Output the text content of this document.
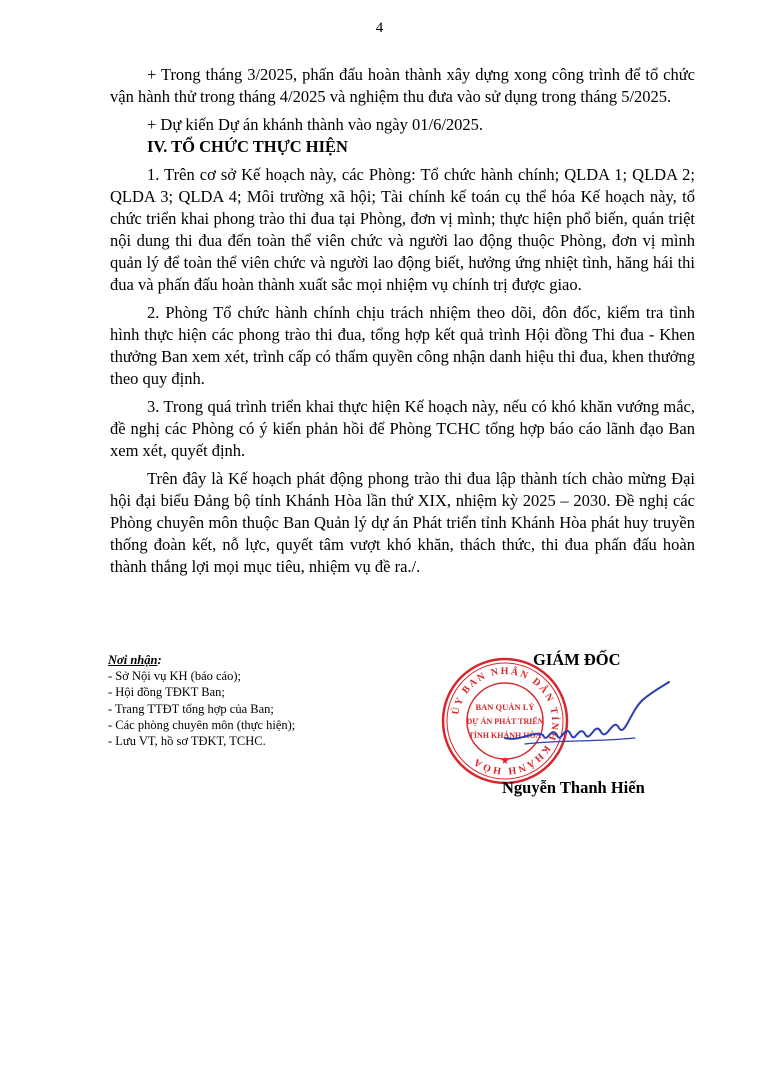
4

+ Trong tháng 3/2025, phấn đấu hoàn thành xây dựng xong công trình để tổ chức vận hành thử trong tháng 4/2025 và nghiệm thu đưa vào sử dụng trong tháng 5/2025.

+ Dự kiến Dự án khánh thành vào ngày 01/6/2025.

IV. TỔ CHỨC THỰC HIỆN

1. Trên cơ sở Kế hoạch này, các Phòng: Tổ chức hành chính; QLDA 1; QLDA 2; QLDA 3; QLDA 4; Môi trường xã hội; Tài chính kế toán cụ thể hóa Kế hoạch này, tổ chức triển khai phong trào thi đua tại Phòng, đơn vị mình; thực hiện phổ biến, quán triệt nội dung thi đua đến toàn thể viên chức và người lao động thuộc Phòng, đơn vị mình quản lý để toàn thể viên chức và người lao động biết, hưởng ứng nhiệt tình, hăng hái thi đua và phấn đấu hoàn thành xuất sắc mọi nhiệm vụ chính trị được giao.

2. Phòng Tổ chức hành chính chịu trách nhiệm theo dõi, đôn đốc, kiểm tra tình hình thực hiện các phong trào thi đua, tổng hợp kết quả trình Hội đồng Thi đua - Khen thưởng Ban xem xét, trình cấp có thẩm quyền công nhận danh hiệu thi đua, khen thưởng theo quy định.

3. Trong quá trình triển khai thực hiện Kế hoạch này, nếu có khó khăn vướng mắc, đề nghị các Phòng có ý kiến phản hồi để Phòng TCHC tổng hợp báo cáo lãnh đạo Ban xem xét, quyết định.

Trên đây là Kế hoạch phát động phong trào thi đua lập thành tích chào mừng Đại hội đại biểu Đảng bộ tỉnh Khánh Hòa lần thứ XIX, nhiệm kỳ 2025 – 2030. Đề nghị các Phòng chuyên môn thuộc Ban Quản lý dự án Phát triển tỉnh Khánh Hòa phát huy truyền thống đoàn kết, nỗ lực, quyết tâm vượt khó khăn, thách thức, thi đua phấn đấu hoàn thành thắng lợi mọi mục tiêu, nhiệm vụ đề ra./.

Nơi nhận:
- Sở Nội vụ KH (báo cáo);
- Hội đồng TĐKT Ban;
- Trang TTĐT tổng hợp của Ban;
- Các phòng chuyên môn (thực hiện);
- Lưu VT, hồ sơ TĐKT, TCHC.
GIÁM ĐỐC
ỦY BAN NHÂN DÂN TỈNH KHÁNH HÒA
BAN QUẢN LÝ
DỰ ÁN PHÁT TRIỂN
TỈNH KHÁNH HÒA
★
Nguyễn Thanh Hiến
